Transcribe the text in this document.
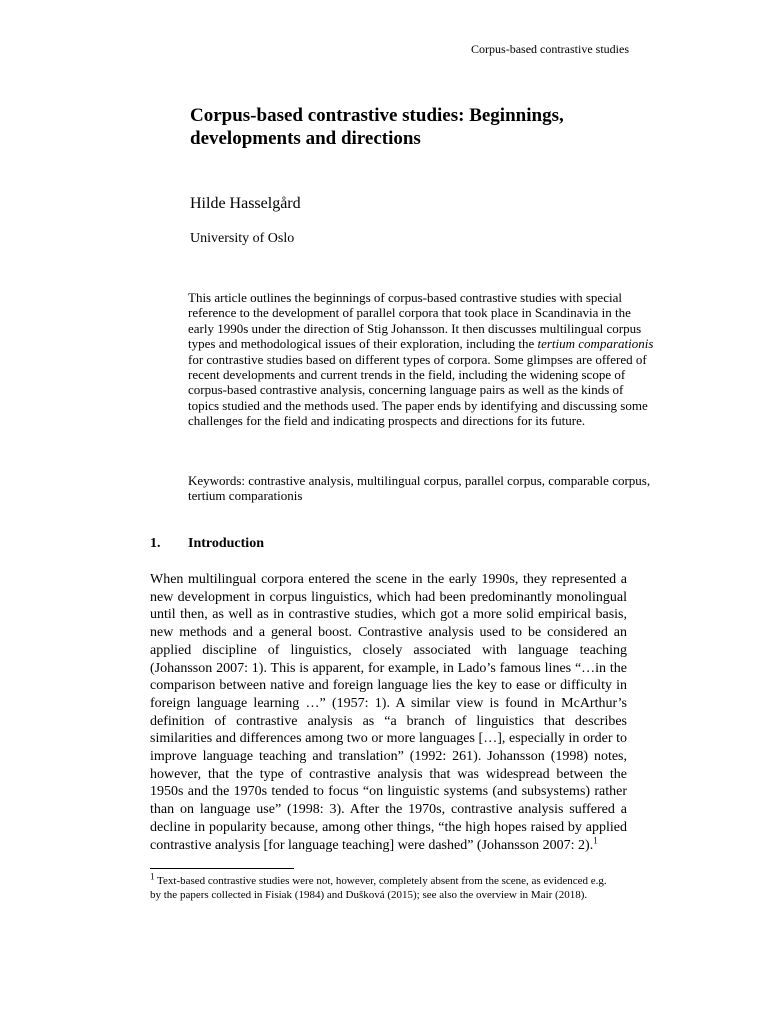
Corpus-based contrastive studies
Corpus-based contrastive studies: Beginnings, developments and directions
Hilde Hasselgård
University of Oslo

This article outlines the beginnings of corpus-based contrastive studies with special reference to the development of parallel corpora that took place in Scandinavia in the early 1990s under the direction of Stig Johansson. It then discusses multilingual corpus types and methodological issues of their exploration, including the tertium comparationis for contrastive studies based on different types of corpora. Some glimpses are offered of recent developments and current trends in the field, including the widening scope of corpus-based contrastive analysis, concerning language pairs as well as the kinds of topics studied and the methods used. The paper ends by identifying and discussing some challenges for the field and indicating prospects and directions for its future.

Keywords: contrastive analysis, multilingual corpus, parallel corpus, comparable corpus, tertium comparationis

1. Introduction

When multilingual corpora entered the scene in the early 1990s, they represented a new development in corpus linguistics, which had been predominantly monolingual until then, as well as in contrastive studies, which got a more solid empirical basis, new methods and a general boost. Contrastive analysis used to be considered an applied discipline of linguistics, closely associated with language teaching (Johansson 2007: 1). This is apparent, for example, in Lado’s famous lines “…in the comparison between native and foreign language lies the key to ease or difficulty in foreign language learning …” (1957: 1). A similar view is found in McArthur’s definition of contrastive analysis as “a branch of linguistics that describes similarities and differences among two or more languages […], especially in order to improve language teaching and translation” (1992: 261). Johansson (1998) notes, however, that the type of contrastive analysis that was widespread between the 1950s and the 1970s tended to focus “on linguistic systems (and subsystems) rather than on language use” (1998: 3). After the 1970s, contrastive analysis suffered a decline in popularity because, among other things, “the high hopes raised by applied contrastive analysis [for language teaching] were dashed” (Johansson 2007: 2).$^1$

$^1$ Text-based contrastive studies were not, however, completely absent from the scene, as evidenced e.g. by the papers collected in Fisiak (1984) and Dušková (2015); see also the overview in Mair (2018).
